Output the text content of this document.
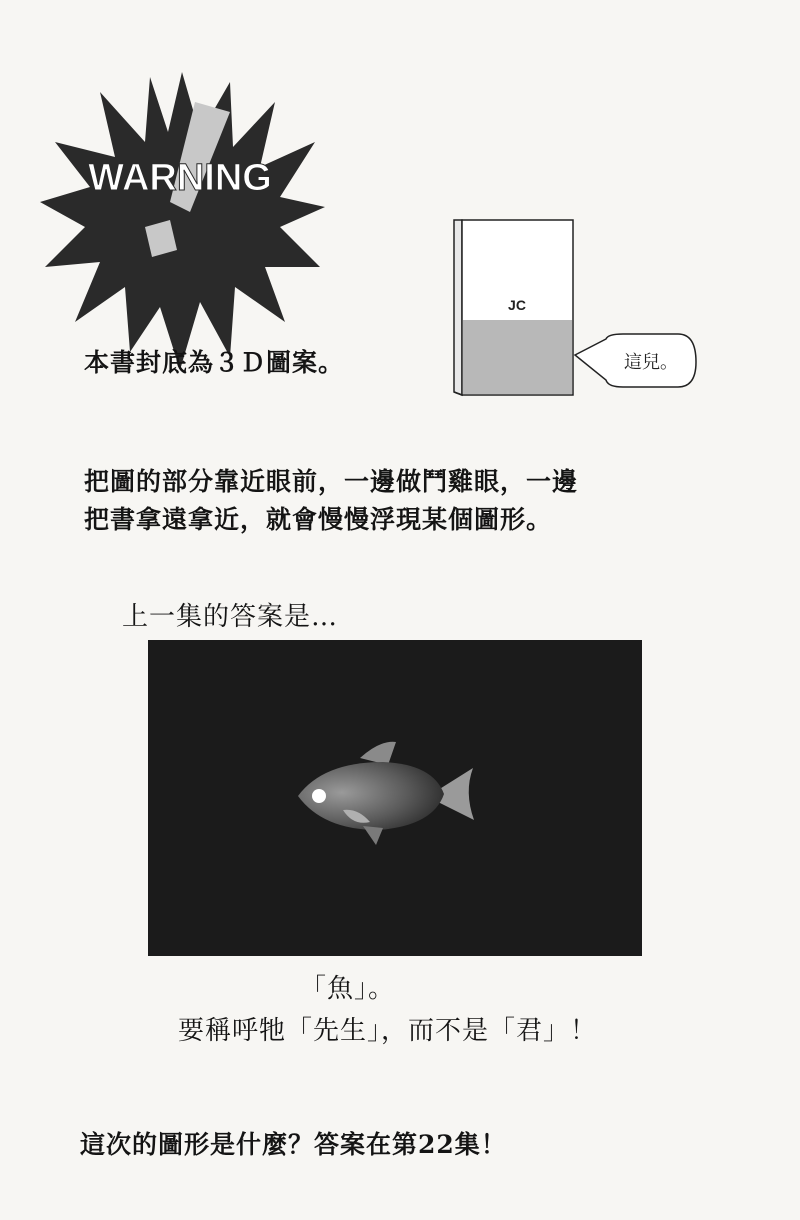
WARNING
JC
這兒。
本書封底為３Ｄ圖案。
把圖的部分靠近眼前，一邊做鬥雞眼，一邊
把書拿遠拿近，就會慢慢浮現某個圖形。
上一集的答案是…
「魚」。
要稱呼牠「先生」，而不是「君」！
這次的圖形是什麼？答案在第22集！
